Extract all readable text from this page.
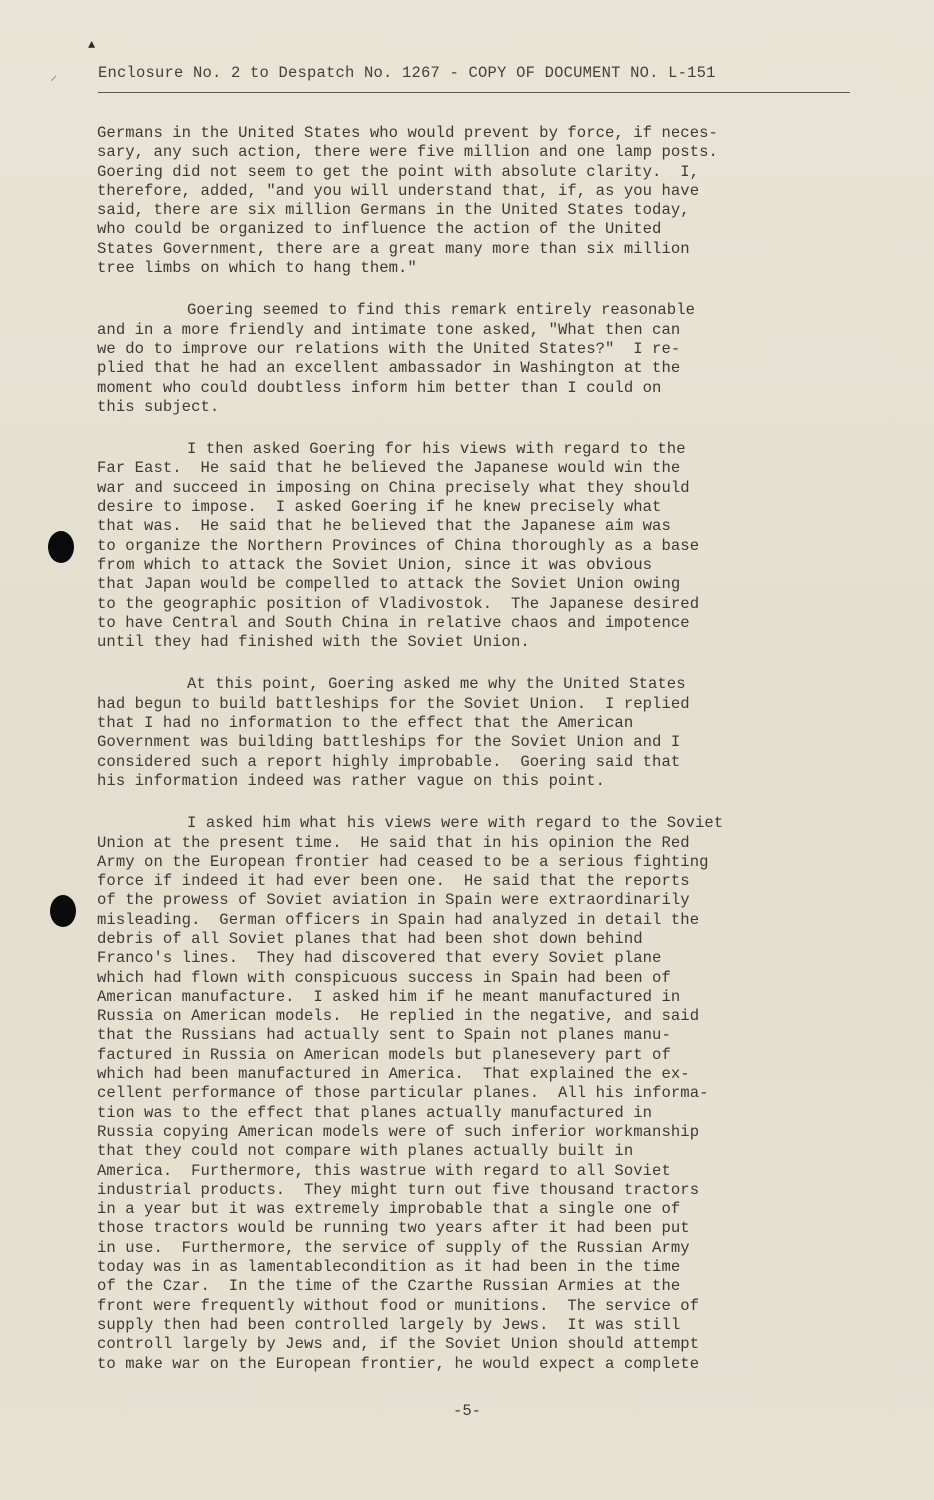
▲
⸝	Enclosure No. 2 to Despatch No. 1267 - COPY OF DOCUMENT NO. L-151
Germans in the United States who would prevent by force, if neces-
sary, any such action, there were five million and one lamp posts.
Goering did not seem to get the point with absolute clarity.  I,
therefore, added, "and you will understand that, if, as you have
said, there are six million Germans in the United States today,
who could be organized to influence the action of the United
States Government, there are a great many more than six million
tree limbs on which to hang them."
Goering seemed to find this remark entirely reasonable
and in a more friendly and intimate tone asked, "What then can
we do to improve our relations with the United States?"  I re-
plied that he had an excellent ambassador in Washington at the
moment who could doubtless inform him better than I could on
this subject.
I then asked Goering for his views with regard to the
Far East.  He said that he believed the Japanese would win the
war and succeed in imposing on China precisely what they should
desire to impose.  I asked Goering if he knew precisely what
that was.  He said that he believed that the Japanese aim was
to organize the Northern Provinces of China thoroughly as a base
from which to attack the Soviet Union, since it was obvious
that Japan would be compelled to attack the Soviet Union owing
to the geographic position of Vladivostok.  The Japanese desired
to have Central and South China in relative chaos and impotence
until they had finished with the Soviet Union.
At this point, Goering asked me why the United States
had begun to build battleships for the Soviet Union.  I replied
that I had no information to the effect that the American
Government was building battleships for the Soviet Union and I
considered such a report highly improbable.  Goering said that
his information indeed was rather vague on this point.
I asked him what his views were with regard to the Soviet
Union at the present time.  He said that in his opinion the Red
Army on the European frontier had ceased to be a serious fighting
force if indeed it had ever been one.  He said that the reports
of the prowess of Soviet aviation in Spain were extraordinarily
misleading.  German officers in Spain had analyzed in detail the
debris of all Soviet planes that had been shot down behind
Franco's lines.  They had discovered that every Soviet plane
which had flown with conspicuous success in Spain had been of
American manufacture.  I asked him if he meant manufactured in
Russia on American models.  He replied in the negative, and said
that the Russians had actually sent to Spain not planes manu-
factured in Russia on American models but planesevery part of
which had been manufactured in America.  That explained the ex-
cellent performance of those particular planes.  All his informa-
tion was to the effect that planes actually manufactured in
Russia copying American models were of such inferior workmanship
that they could not compare with planes actually built in
America.  Furthermore, this wastrue with regard to all Soviet
industrial products.  They might turn out five thousand tractors
in a year but it was extremely improbable that a single one of
those tractors would be running two years after it had been put
in use.  Furthermore, the service of supply of the Russian Army
today was in as lamentablecondition as it had been in the time
of the Czar.  In the time of the Czarthe Russian Armies at the
front were frequently without food or munitions.  The service of
supply then had been controlled largely by Jews.  It was still
controll largely by Jews and, if the Soviet Union should attempt
to make war on the European frontier, he would expect a complete
-5-
